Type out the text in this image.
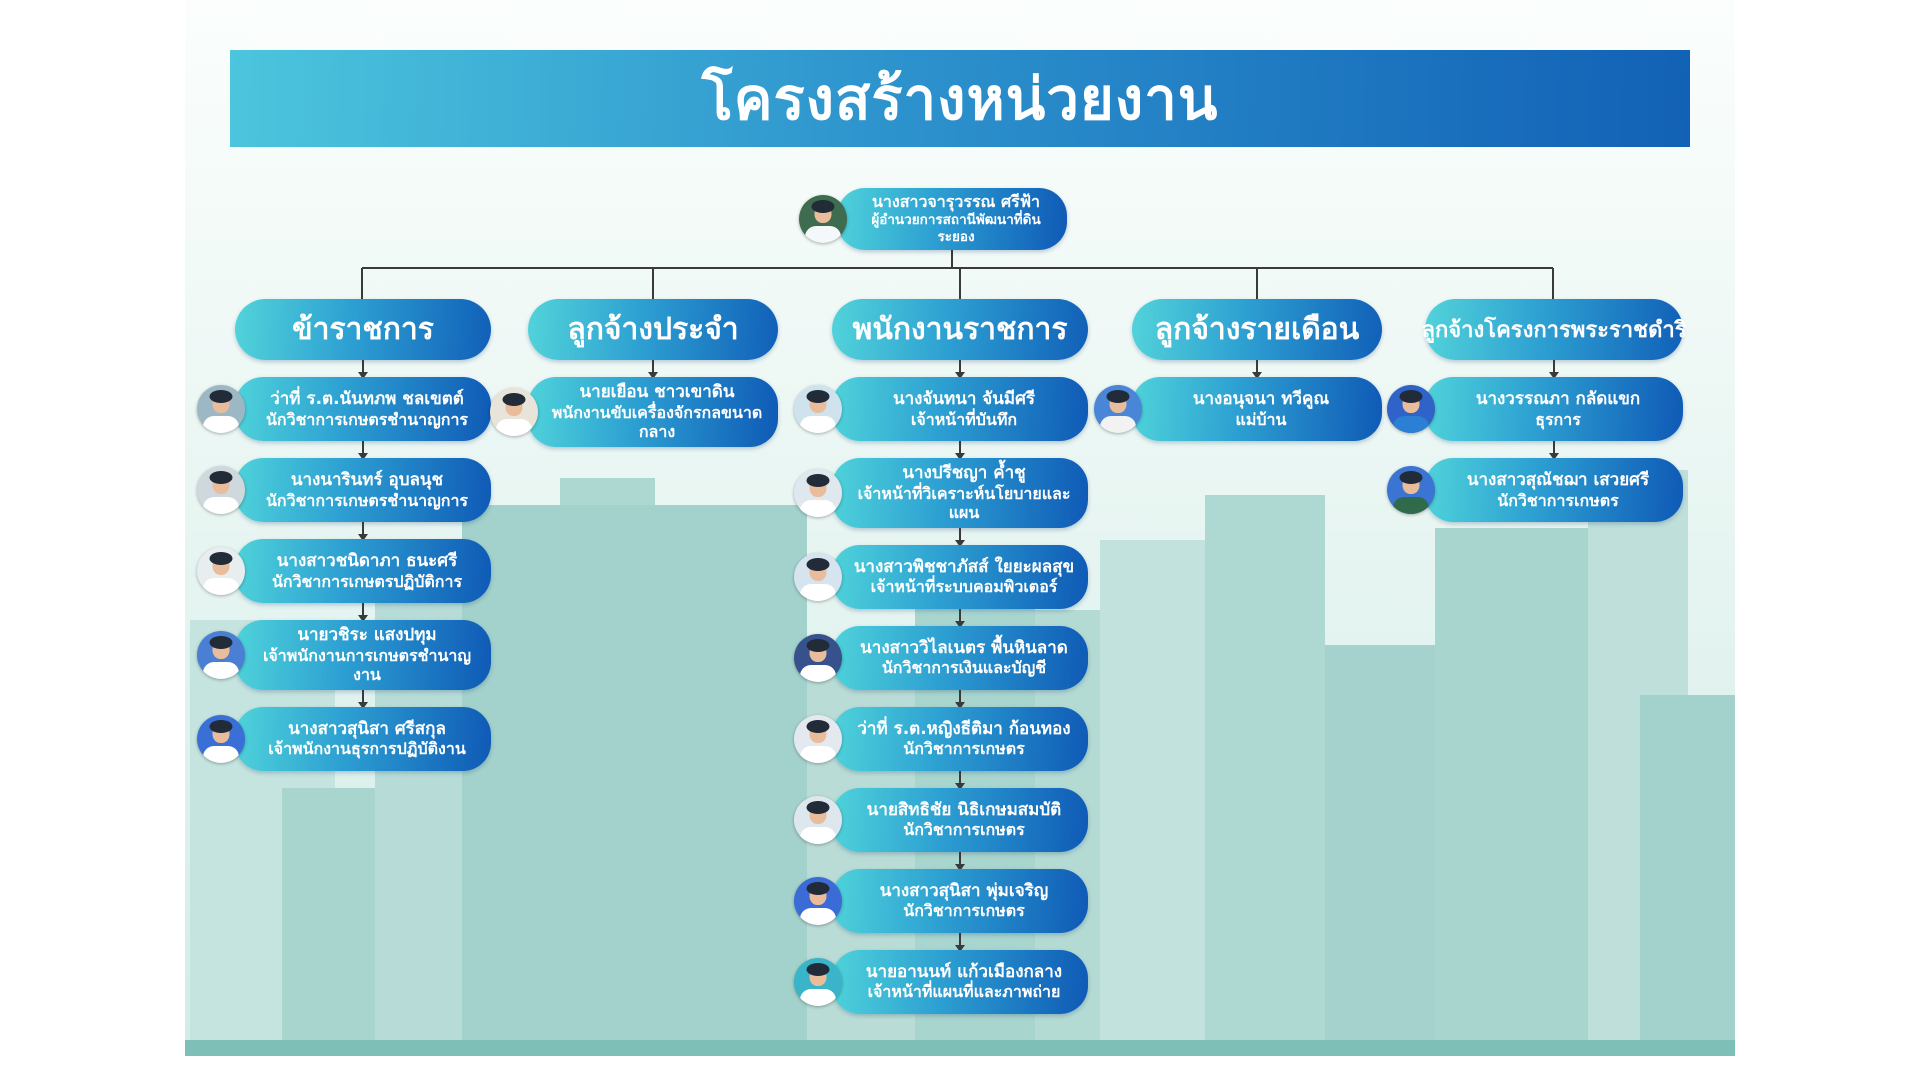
โครงสร้างหน่วยงาน
นางสาวจารุวรรณ ศรีฟ้า
ผู้อำนวยการสถานีพัฒนาที่ดินระยอง
ข้าราชการ
ว่าที่ ร.ต.นันทภพ ชลเขตต์
นักวิชาการเกษตรชำนาญการ
นางนารินทร์ อุบลนุช
นักวิชาการเกษตรชำนาญการ
นางสาวชนิดาภา ธนะศรี
นักวิชาการเกษตรปฏิบัติการ
นายวชิระ แสงปทุม
เจ้าพนักงานการเกษตรชำนาญงาน
นางสาวสุนิสา ศรีสกุล
เจ้าพนักงานธุรการปฏิบัติงาน
ลูกจ้างประจำ
นายเยือน ชาวเขาดิน
พนักงานขับเครื่องจักรกลขนาดกลาง
พนักงานราชการ
นางจันทนา จันมีศรี
เจ้าหน้าที่บันทึก
นางปรีชญา ค้ำชู
เจ้าหน้าที่วิเคราะห์นโยบายและแผน
นางสาวพิชชาภัสส์ ใยยะผลสุข
เจ้าหน้าที่ระบบคอมพิวเตอร์
นางสาววิไลเนตร พื้นหินลาด
นักวิชาการเงินและบัญชี
ว่าที่ ร.ต.หญิงธีติมา ก้อนทอง
นักวิชาการเกษตร
นายสิทธิชัย นิธิเกษมสมบัติ
นักวิชาการเกษตร
นางสาวสุนิสา พุ่มเจริญ
นักวิชาการเกษตร
นายอานนท์ แก้วเมืองกลาง
เจ้าหน้าที่แผนที่และภาพถ่าย
ลูกจ้างรายเดือน
นางอนุจนา ทวีคูณ
แม่บ้าน
ลูกจ้างโครงการพระราชดำริ
นางวรรณภา กลัดแขก
ธุรการ
นางสาวสุณัชฌา เสวยศรี
นักวิชาการเกษตร
